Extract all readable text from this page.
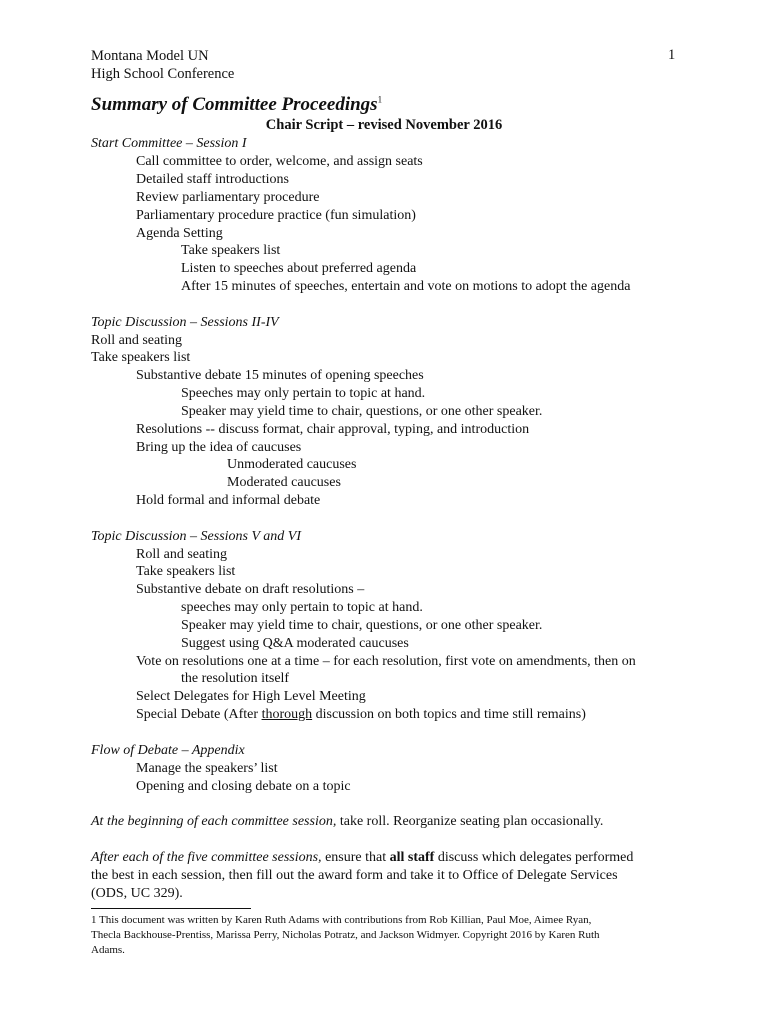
Montana Model UN
High School Conference
1
Summary of Committee Proceedings$^1$
Chair Script – revised November 2016
Start Committee – Session I
Call committee to order, welcome, and assign seats
Detailed staff introductions
Review parliamentary procedure
Parliamentary procedure practice (fun simulation)
Agenda Setting
Take speakers list
Listen to speeches about preferred agenda
After 15 minutes of speeches, entertain and vote on motions to adopt the agenda
Topic Discussion – Sessions II-IV
Roll and seating
Take speakers list
Substantive debate 15 minutes of opening speeches
Speeches may only pertain to topic at hand.
Speaker may yield time to chair, questions, or one other speaker.
Resolutions -- discuss format, chair approval, typing, and introduction
Bring up the idea of caucuses
Unmoderated caucuses
Moderated caucuses
Hold formal and informal debate
Topic Discussion – Sessions V and VI
Roll and seating
Take speakers list
Substantive debate on draft resolutions –
speeches may only pertain to topic at hand.
Speaker may yield time to chair, questions, or one other speaker.
Suggest using Q&A moderated caucuses
Vote on resolutions one at a time – for each resolution, first vote on amendments, then on
the resolution itself
Select Delegates for High Level Meeting
Special Debate (After thorough discussion on both topics and time still remains)
Flow of Debate – Appendix
Manage the speakers’ list
Opening and closing debate on a topic
At the beginning of each committee session, take roll. Reorganize seating plan occasionally.
After each of the five committee sessions, ensure that all staff discuss which delegates performed
the best in each session, then fill out the award form and take it to Office of Delegate Services
(ODS, UC 329).
1 This document was written by Karen Ruth Adams with contributions from Rob Killian, Paul Moe, Aimee Ryan,
Thecla Backhouse-Prentiss, Marissa Perry, Nicholas Potratz, and Jackson Widmyer. Copyright 2016 by Karen Ruth
Adams.
